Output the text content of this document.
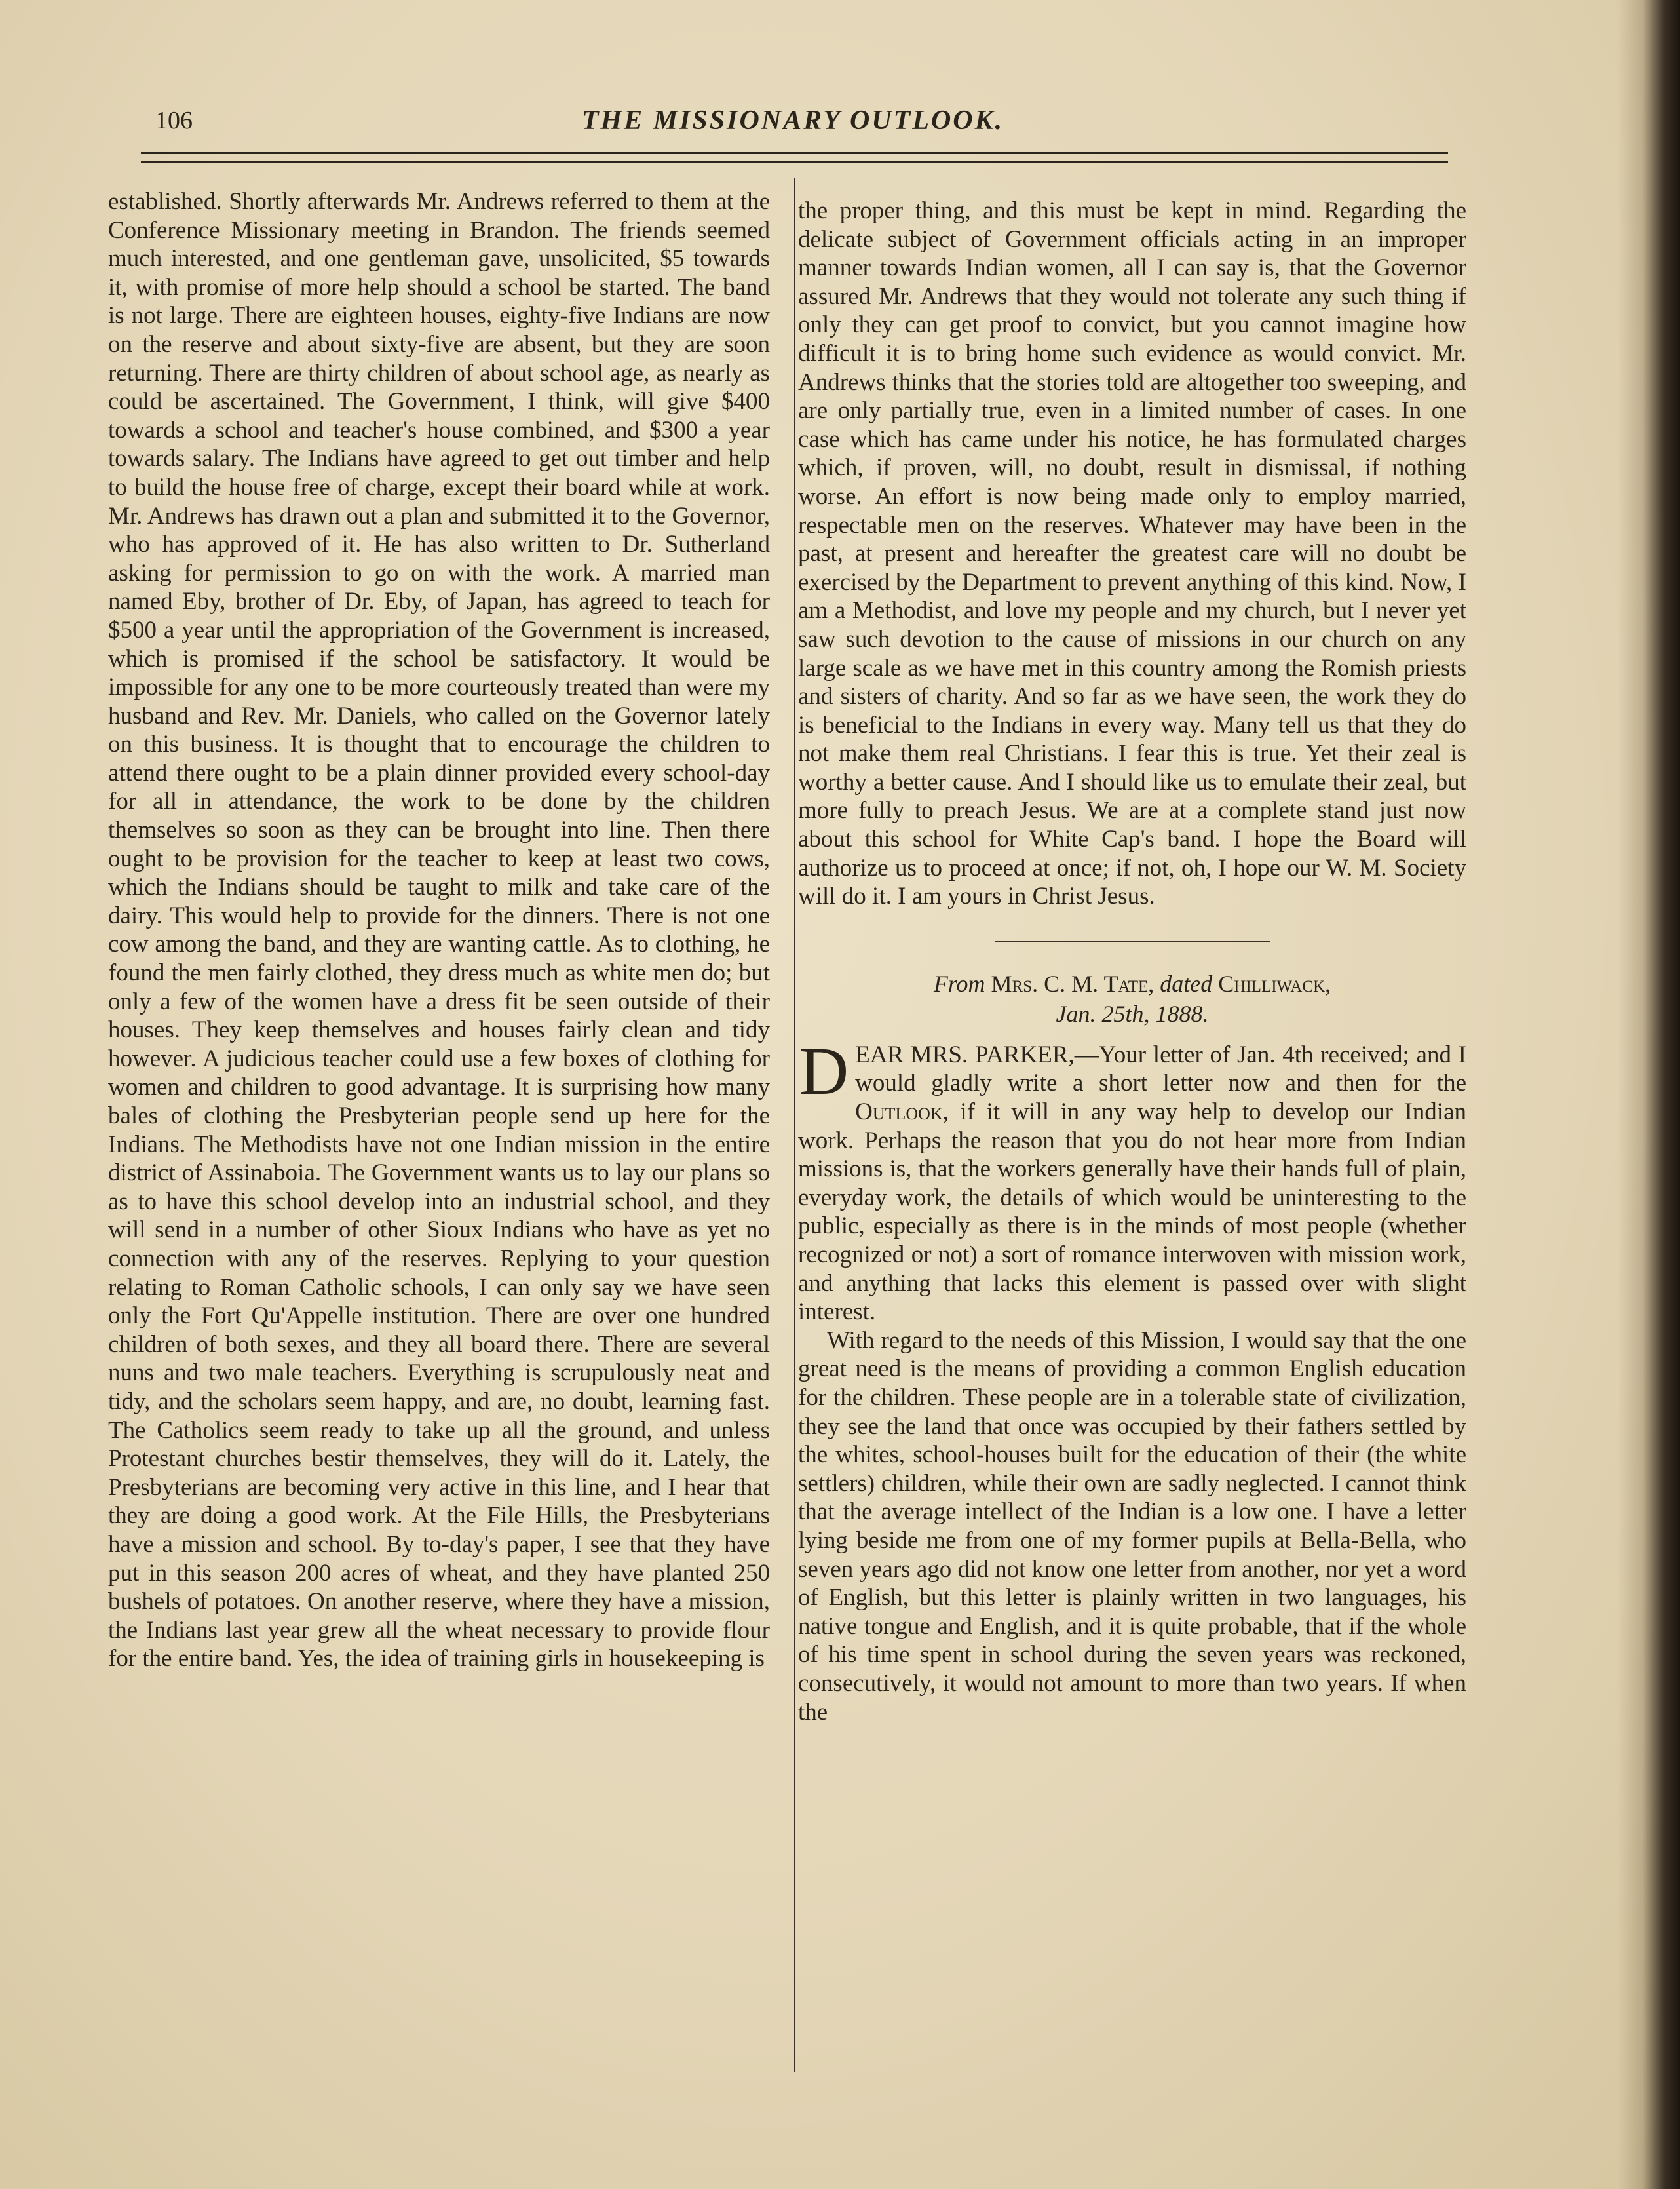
106	THE MISSIONARY OUTLOOK.

established. Shortly afterwards Mr. Andrews referred to them at the Conference Missionary meeting in Brandon. The friends seemed much interested, and one gentleman gave, unsolicited, $5 towards it, with promise of more help should a school be started. The band is not large. There are eighteen houses, eighty-five Indians are now on the reserve and about sixty-five are absent, but they are soon returning. There are thirty children of about school age, as nearly as could be ascertained. The Government, I think, will give $400 towards a school and teacher's house combined, and $300 a year towards salary. The Indians have agreed to get out timber and help to build the house free of charge, except their board while at work. Mr. Andrews has drawn out a plan and submitted it to the Governor, who has approved of it. He has also written to Dr. Sutherland asking for permission to go on with the work. A married man named Eby, brother of Dr. Eby, of Japan, has agreed to teach for $500 a year until the appropriation of the Government is increased, which is promised if the school be satisfactory. It would be impossible for any one to be more courteously treated than were my husband and Rev. Mr. Daniels, who called on the Governor lately on this business. It is thought that to encourage the children to attend there ought to be a plain dinner provided every school-day for all in attendance, the work to be done by the children themselves so soon as they can be brought into line. Then there ought to be provision for the teacher to keep at least two cows, which the Indians should be taught to milk and take care of the dairy. This would help to provide for the dinners. There is not one cow among the band, and they are wanting cattle. As to clothing, he found the men fairly clothed, they dress much as white men do; but only a few of the women have a dress fit be seen outside of their houses. They keep themselves and houses fairly clean and tidy however. A judicious teacher could use a few boxes of clothing for women and children to good advantage. It is surprising how many bales of clothing the Presbyterian people send up here for the Indians. The Methodists have not one Indian mission in the entire district of Assinaboia. The Government wants us to lay our plans so as to have this school develop into an industrial school, and they will send in a number of other Sioux Indians who have as yet no connection with any of the reserves. Replying to your question relating to Roman Catholic schools, I can only say we have seen only the Fort Qu'Appelle institution. There are over one hundred children of both sexes, and they all board there. There are several nuns and two male teachers. Everything is scrupulously neat and tidy, and the scholars seem happy, and are, no doubt, learning fast. The Catholics seem ready to take up all the ground, and unless Protestant churches bestir themselves, they will do it. Lately, the Presbyterians are becoming very active in this line, and I hear that they are doing a good work. At the File Hills, the Presbyterians have a mission and school. By to-day's paper, I see that they have put in this season 200 acres of wheat, and they have planted 250 bushels of potatoes. On another reserve, where they have a mission, the Indians last year grew all the wheat necessary to provide flour for the entire band. Yes, the idea of training girls in housekeeping is

the proper thing, and this must be kept in mind. Regarding the delicate subject of Government officials acting in an improper manner towards Indian women, all I can say is, that the Governor assured Mr. Andrews that they would not tolerate any such thing if only they can get proof to convict, but you cannot imagine how difficult it is to bring home such evidence as would convict. Mr. Andrews thinks that the stories told are altogether too sweeping, and are only partially true, even in a limited number of cases. In one case which has came under his notice, he has formulated charges which, if proven, will, no doubt, result in dismissal, if nothing worse. An effort is now being made only to employ married, respectable men on the reserves. Whatever may have been in the past, at present and hereafter the greatest care will no doubt be exercised by the Department to prevent anything of this kind. Now, I am a Methodist, and love my people and my church, but I never yet saw such devotion to the cause of missions in our church on any large scale as we have met in this country among the Romish priests and sisters of charity. And so far as we have seen, the work they do is beneficial to the Indians in every way. Many tell us that they do not make them real Christians. I fear this is true. Yet their zeal is worthy a better cause. And I should like us to emulate their zeal, but more fully to preach Jesus. We are at a complete stand just now about this school for White Cap's band. I hope the Board will authorize us to proceed at once; if not, oh, I hope our W. M. Society will do it. I am yours in Christ Jesus.

From Mrs. C. M. Tate, dated Chilliwack,
Jan. 25th, 1888.

DEAR MRS. PARKER,—Your letter of Jan. 4th received; and I would gladly write a short letter now and then for the Outlook, if it will in any way help to develop our Indian work. Perhaps the reason that you do not hear more from Indian missions is, that the workers generally have their hands full of plain, everyday work, the details of which would be uninteresting to the public, especially as there is in the minds of most people (whether recognized or not) a sort of romance interwoven with mission work, and anything that lacks this element is passed over with slight interest.

With regard to the needs of this Mission, I would say that the one great need is the means of providing a common English education for the children. These people are in a tolerable state of civilization, they see the land that once was occupied by their fathers settled by the whites, school-houses built for the education of their (the white settlers) children, while their own are sadly neglected. I cannot think that the average intellect of the Indian is a low one. I have a letter lying beside me from one of my former pupils at Bella-Bella, who seven years ago did not know one letter from another, nor yet a word of English, but this letter is plainly written in two languages, his native tongue and English, and it is quite probable, that if the whole of his time spent in school during the seven years was reckoned, consecutively, it would not amount to more than two years. If when the
